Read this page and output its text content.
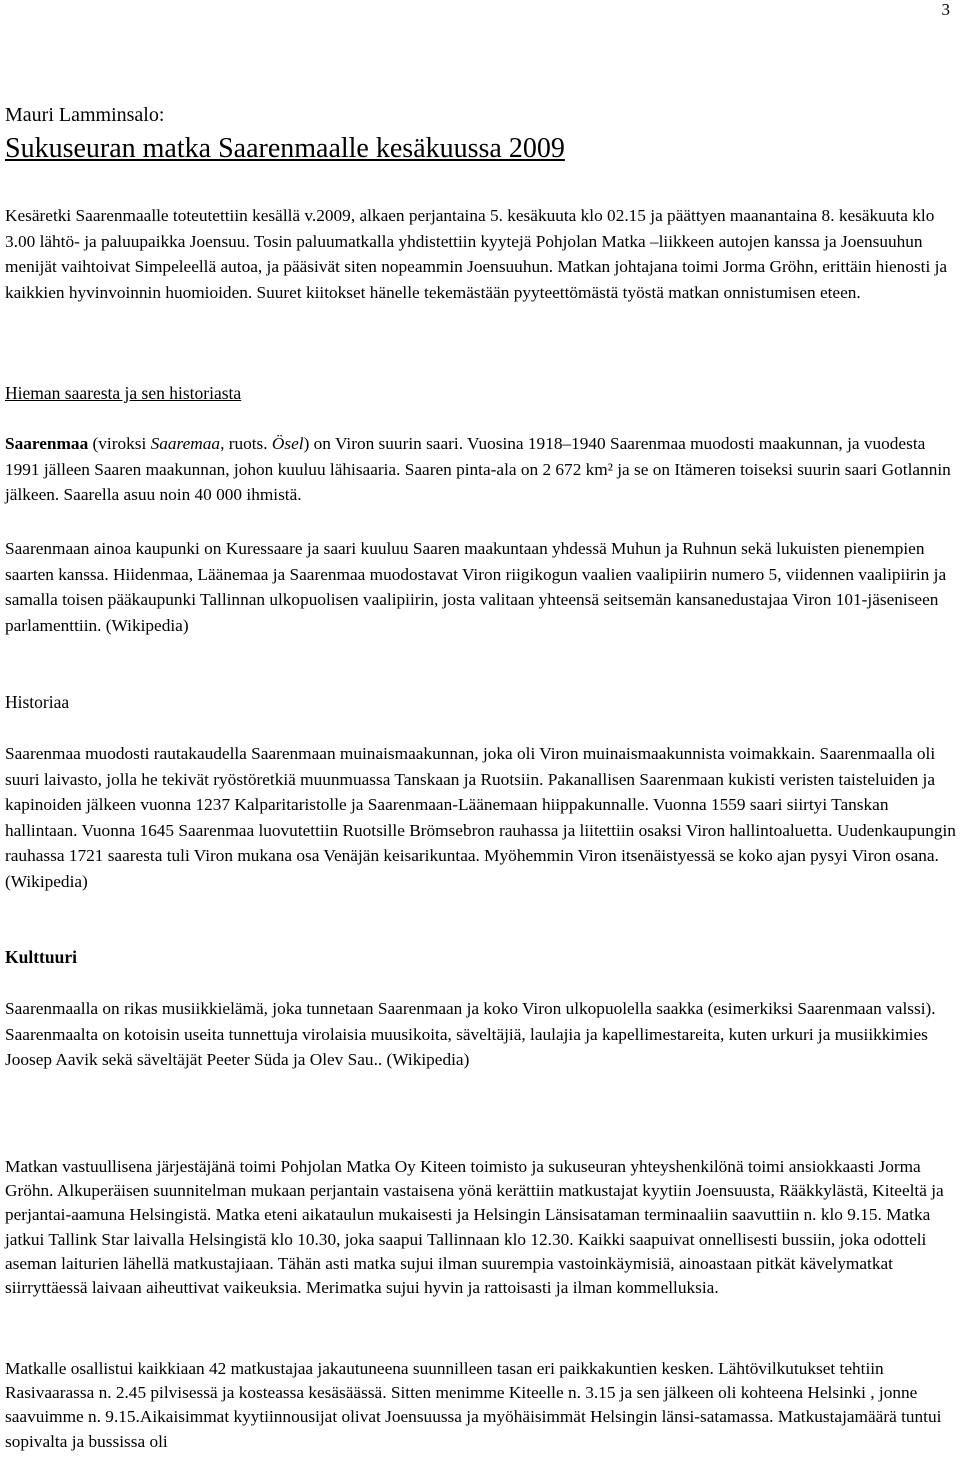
3
Mauri Lamminsalo:
Sukuseuran matka Saarenmaalle kesäkuussa 2009

Kesäretki Saarenmaalle toteutettiin kesällä v.2009, alkaen perjantaina 5. kesäkuuta klo 02.15 ja päättyen maanantaina 8. kesäkuuta klo 3.00 lähtö- ja paluupaikka Joensuu. Tosin paluumatkalla yhdistettiin kyytejä Pohjolan Matka –liikkeen autojen kanssa ja Joensuuhun menijät vaihtoivat Simpeleellä autoa, ja pääsivät siten nopeammin Joensuuhun. Matkan johtajana toimi Jorma Gröhn, erittäin hienosti ja kaikkien hyvinvoinnin huomioiden. Suuret kiitokset hänelle tekemästään pyyteettömästä työstä matkan onnistumisen eteen.

Hieman saaresta ja sen historiasta

Saarenmaa (viroksi Saaremaa, ruots. Ösel) on Viron suurin saari. Vuosina 1918–1940 Saarenmaa muodosti maakunnan, ja vuodesta 1991 jälleen Saaren maakunnan, johon kuuluu lähisaaria. Saaren pinta-ala on 2 672 km² ja se on Itämeren toiseksi suurin saari Gotlannin jälkeen. Saarella asuu noin 40 000 ihmistä.

Saarenmaan ainoa kaupunki on Kuressaare ja saari kuuluu Saaren maakuntaan yhdessä Muhun ja Ruhnun sekä lukuisten pienempien saarten kanssa. Hiidenmaa, Läänemaa ja Saarenmaa muodostavat Viron riigikogun vaalien vaalipiirin numero 5, viidennen vaalipiirin ja samalla toisen pääkaupunki Tallinnan ulkopuolisen vaalipiirin, josta valitaan yhteensä seitsemän kansanedustajaa Viron 101-jäseniseen parlamenttiin. (Wikipedia)

Historiaa

Saarenmaa muodosti rautakaudella Saarenmaan muinaismaakunnan, joka oli Viron muinaismaakunnista voimakkain. Saarenmaalla oli suuri laivasto, jolla he tekivät ryöstöretkiä muunmuassa Tanskaan ja Ruotsiin. Pakanallisen Saarenmaan kukisti veristen taisteluiden ja kapinoiden jälkeen vuonna 1237 Kalparitaristolle ja Saarenmaan-Läänemaan hiippakunnalle. Vuonna 1559 saari siirtyi Tanskan hallintaan. Vuonna 1645 Saarenmaa luovutettiin Ruotsille Brömsebron rauhassa ja liitettiin osaksi Viron hallintoaluetta. Uudenkaupungin rauhassa 1721 saaresta tuli Viron mukana osa Venäjän keisarikuntaa. Myöhemmin Viron itsenäistyessä se koko ajan pysyi Viron osana. (Wikipedia)

Kulttuuri

Saarenmaalla on rikas musiikkielämä, joka tunnetaan Saarenmaan ja koko Viron ulkopuolella saakka (esimerkiksi Saarenmaan valssi). Saarenmaalta on kotoisin useita tunnettuja virolaisia muusikoita, säveltäjiä, laulajia ja kapellimestareita, kuten urkuri ja musiikkimies Joosep Aavik sekä säveltäjät Peeter Süda ja Olev Sau.. (Wikipedia)

Matkan vastuullisena järjestäjänä toimi Pohjolan Matka Oy Kiteen toimisto ja sukuseuran yhteyshenkilönä toimi ansiokkaasti Jorma Gröhn. Alkuperäisen suunnitelman mukaan perjantain vastaisena yönä kerättiin matkustajat kyytiin Joensuusta, Rääkkylästä, Kiteeltä ja perjantai-aamuna Helsingistä. Matka eteni aikataulun mukaisesti ja Helsingin Länsisataman terminaaliin saavuttiin n. klo 9.15. Matka jatkui Tallink Star laivalla Helsingistä klo 10.30, joka saapui Tallinnaan klo 12.30. Kaikki saapuivat onnellisesti bussiin, joka odotteli aseman laiturien lähellä matkustajiaan. Tähän asti matka sujui ilman suurempia vastoinkäymisiä, ainoastaan pitkät kävelymatkat siirryttäessä laivaan aiheuttivat vaikeuksia. Merimatka sujui hyvin ja rattoisasti ja ilman kommelluksia.

Matkalle osallistui kaikkiaan 42 matkustajaa jakautuneena suunnilleen tasan eri paikkakuntien kesken. Lähtövilkutukset tehtiin Rasivaarassa n. 2.45 pilvisessä ja kosteassa kesäsäässä. Sitten menimme Kiteelle n. 3.15 ja sen jälkeen oli kohteena Helsinki , jonne saavuimme n. 9.15.Aikaisimmat kyytiinnousijat olivat Joensuussa ja myöhäisimmät Helsingin länsi-satamassa. Matkustajamäärä tuntui sopivalta ja bussissa oli
